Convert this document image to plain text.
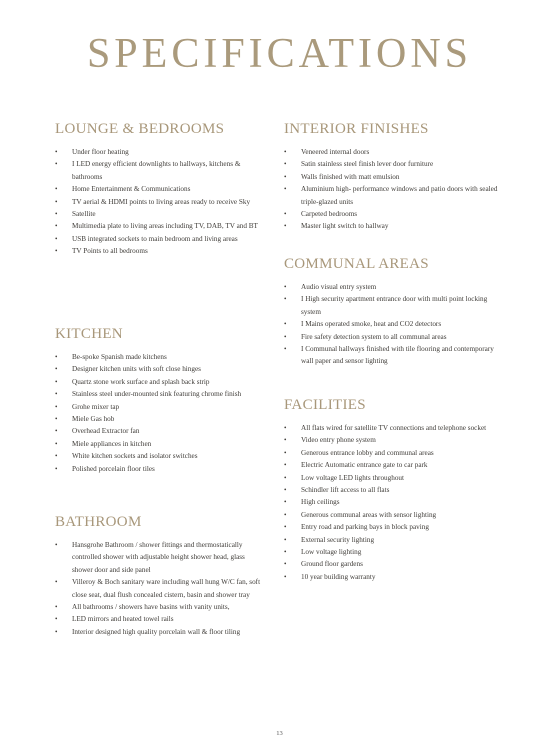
SPECIFICATIONS
LOUNGE & BEDROOMS
• Under floor heating
• I LED energy efficient downlights to hallways, kitchens & bathrooms
• Home Entertainment & Communications
• TV aerial & HDMI points to living areas ready to receive Sky
• Satellite
• Multimedia plate to living areas including TV, DAB, TV and BT
• USB integrated sockets to main bedroom and living areas
• TV Points to all bedrooms
KITCHEN
• Be-spoke Spanish made kitchens
• Designer kitchen units with soft close hinges
• Quartz stone work surface and splash back strip
• Stainless steel under-mounted sink featuring chrome finish
• Grohe mixer tap
• Miele Gas hob
• Overhead Extractor fan
• Miele appliances in kitchen
• White kitchen sockets and isolator switches
• Polished porcelain floor tiles
BATHROOM
• Hansgrohe Bathroom / shower fittings and thermostatically controlled shower with adjustable height shower head, glass shower door and side panel
• Villeroy & Boch sanitary ware including wall hung W/C fan, soft close seat, dual flush concealed cistern, basin and shower tray
• All bathrooms / showers have basins with vanity units,
• LED mirrors and heated towel rails
• Interior designed high quality porcelain wall & floor tiling
INTERIOR FINISHES
• Veneered internal doors
• Satin stainless steel finish lever door furniture
• Walls finished with matt emulsion
• Aluminium high- performance windows and patio doors with sealed triple-glazed units
• Carpeted bedrooms
• Master light switch to hallway
COMMUNAL AREAS
• Audio visual entry system
• I High security apartment entrance door with multi point locking system
• I Mains operated smoke, heat and CO2 detectors
• Fire safety detection system to all communal areas
• I Communal hallways finished with tile flooring and contemporary wall paper and sensor lighting
FACILITIES
• All flats wired for satellite TV connections and telephone socket
• Video entry phone system
• Generous entrance lobby and communal areas
• Electric Automatic entrance gate to car park
• Low voltage LED lights throughout
• Schindler lift access to all flats
• High ceilings
• Generous communal areas with sensor lighting
• Entry road and parking bays in block paving
• External security lighting
• Low voltage lighting
• Ground floor gardens
• 10 year building warranty
13
